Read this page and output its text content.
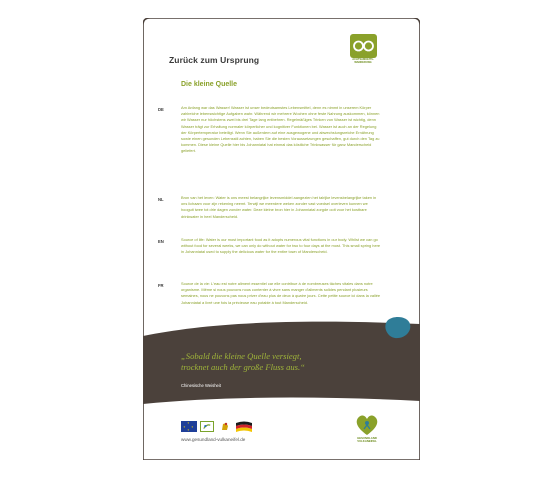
Zurück zum Ursprung
Die kleine Quelle
ACHTSAMKEITS-
WANDERUNG
DE	Am Anfang war das Wasser! Wasser ist unser bedeutsamstes Lebensmittel, denn es nimmt in unserem Körper zahlreiche lebenswichtige Aufgaben wahr. Während wir mehrere Wochen ohne feste Nahrung auskommen, können wir Wasser nur höchstens zwei bis drei Tage lang entbehren. Regelmäßiges Trinken von Wasser ist wichtig, denn Wasser trägt zur Erhaltung normaler körperlicher und kognitiver Funktionen bei. Wasser ist auch an der Regelung der Körpertemperatur beteiligt. Wenn Sie außerdem auf eine ausgewogene und abwechslungsreiche Ernährung sowie einen gesunden Lebensstil achten, haben Sie die besten Voraussetzungen geschaffen, gut durch den Tag zu kommen. Diese kleine Quelle hier bis Johanniatal hat einmal das köstliche Trinkwasser für ganz Manderscheid geliefert.
NL	Bron van het leven: Water is ons meest belangrijke levensmiddel aangezien het talrijke levensbelangrijke taken in ons lichaam voor zijn rekening neemt. Terwijl we meerdere weken zonder vast voedsel overleven kunnen we hooguit twee tot drie dagen zonder water. Deze kleine bron hier in Johanniatal zorgde ooit voor het kostbare drinkwater in heel Manderscheid.
EN	Source of life: Water is our most important food as it adopts numerous vital functions in our body. Whilst we can go without food for several weeks, we can only do without water for two to four days at the most. This small spring here in Johanniatal used to supply the delicious water for the entire town of Manderscheid.
FR	Source de la vie: L'eau est notre aliment essentiel car elle contribue à de nombreuses tâches vitales dans notre organisme. Même si nous pouvons nous contenter à vivre sans manger d'aliments solides pendant plusieurs semaines, nous ne pouvons pas nous priver d'eau plus de deux à quatre jours. Cette petite source ici dans la vallée Johanniatal a livré une fois la précieuse eau potable à tout Manderscheid.
„Sobald die kleine Quelle versiegt,
trocknet auch der große Fluss aus.“
Chinesische Weisheit
✦
✦ ✦
✦
www.gesundland-vulkaneifel.de	GESUNDLAND
VULKANEIFEL
